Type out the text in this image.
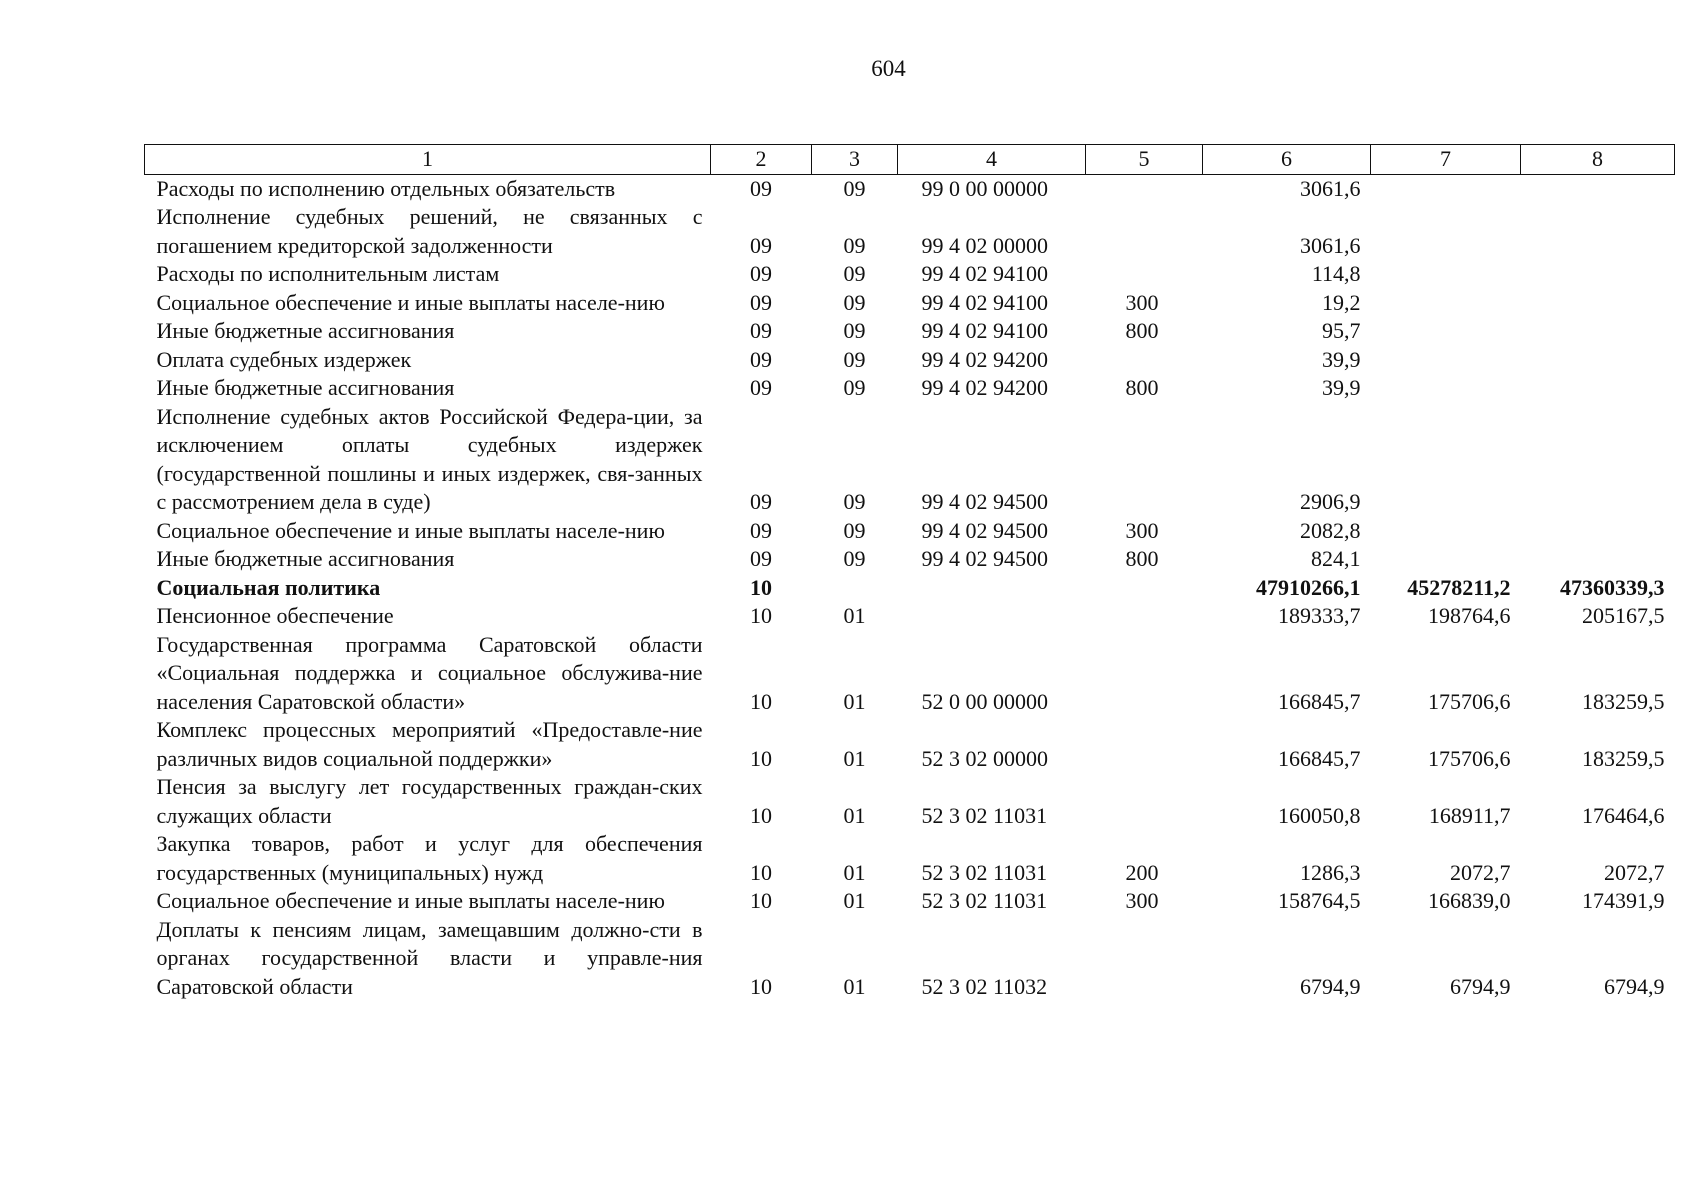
604
1	2	3	4	5	6	7	8
Расходы по исполнению отдельных обязательств	09	09	99 0 00 00000		3061,6		
Исполнение судебных решений, не связанных с погашением кредиторской задолженности	09	09	99 4 02 00000		3061,6		
Расходы по исполнительным листам	09	09	99 4 02 94100		114,8		
Социальное обеспечение и иные выплаты населе-нию	09	09	99 4 02 94100	300	19,2		
Иные бюджетные ассигнования	09	09	99 4 02 94100	800	95,7		
Оплата судебных издержек	09	09	99 4 02 94200		39,9		
Иные бюджетные ассигнования	09	09	99 4 02 94200	800	39,9		
Исполнение судебных актов Российской Федера-ции, за исключением оплаты судебных издержек (государственной пошлины и иных издержек, свя-занных с рассмотрением дела в суде)	09	09	99 4 02 94500		2906,9		
Социальное обеспечение и иные выплаты населе-нию	09	09	99 4 02 94500	300	2082,8		
Иные бюджетные ассигнования	09	09	99 4 02 94500	800	824,1		
Социальная политика	10				47910266,1	45278211,2	47360339,3
Пенсионное обеспечение	10	01			189333,7	198764,6	205167,5
Государственная программа Саратовской области «Социальная поддержка и социальное обслужива-ние населения Саратовской области»	10	01	52 0 00 00000		166845,7	175706,6	183259,5
Комплекс процессных мероприятий «Предоставле-ние различных видов социальной поддержки»	10	01	52 3 02 00000		166845,7	175706,6	183259,5
Пенсия за выслугу лет государственных граждан-ских служащих области	10	01	52 3 02 11031		160050,8	168911,7	176464,6
Закупка товаров, работ и услуг для обеспечения государственных (муниципальных) нужд	10	01	52 3 02 11031	200	1286,3	2072,7	2072,7
Социальное обеспечение и иные выплаты населе-нию	10	01	52 3 02 11031	300	158764,5	166839,0	174391,9
Доплаты к пенсиям лицам, замещавшим должно-сти в органах государственной власти и управле-ния Саратовской области	10	01	52 3 02 11032		6794,9	6794,9	6794,9
